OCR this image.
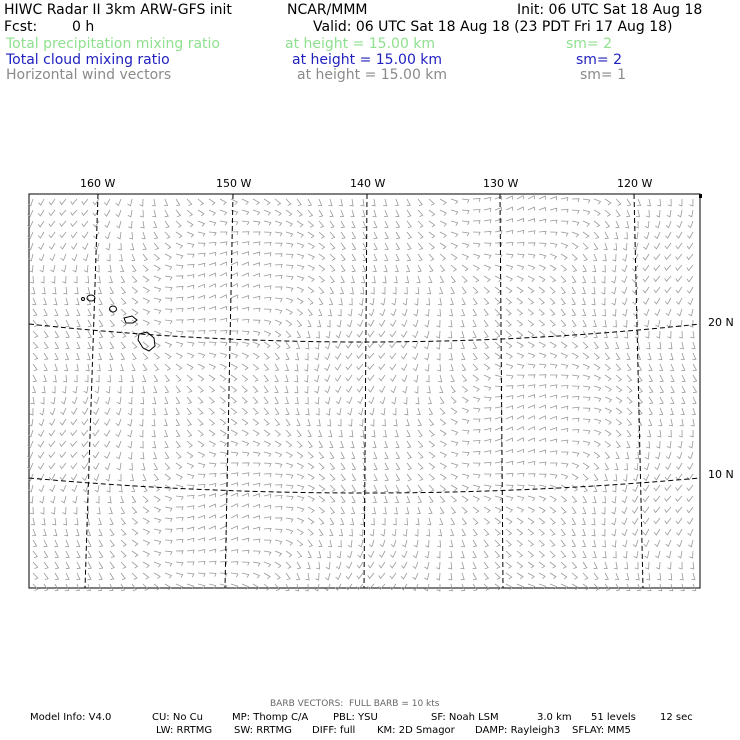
HIWC Radar II 3km ARW-GFS init	NCAR/MMM	Init: 06 UTC Sat 18 Aug 18
Fcst: 0 h	Valid: 06 UTC Sat 18 Aug 18 (23 PDT Fri 17 Aug 18)
Total precipitation mixing ratio	at height = 15.00 km	sm= 2
Total cloud mixing ratio	at height = 15.00 km	sm= 2
Horizontal wind vectors	at height = 15.00 km	sm= 1
160 W	150 W	140 W	130 W	120 W
20 N
10 N
BARB VECTORS:  FULL BARB = 10 kts
Model Info: V4.0	CU: No Cu	MP: Thomp C/A PBL: YSU	SF: Noah LSM	3.0 km 51 levels 12 sec
LW: RRTMG SW: RRTMG DIFF: full KM: 2D Smagor DAMP: Rayleigh3 SFLAY: MM5
